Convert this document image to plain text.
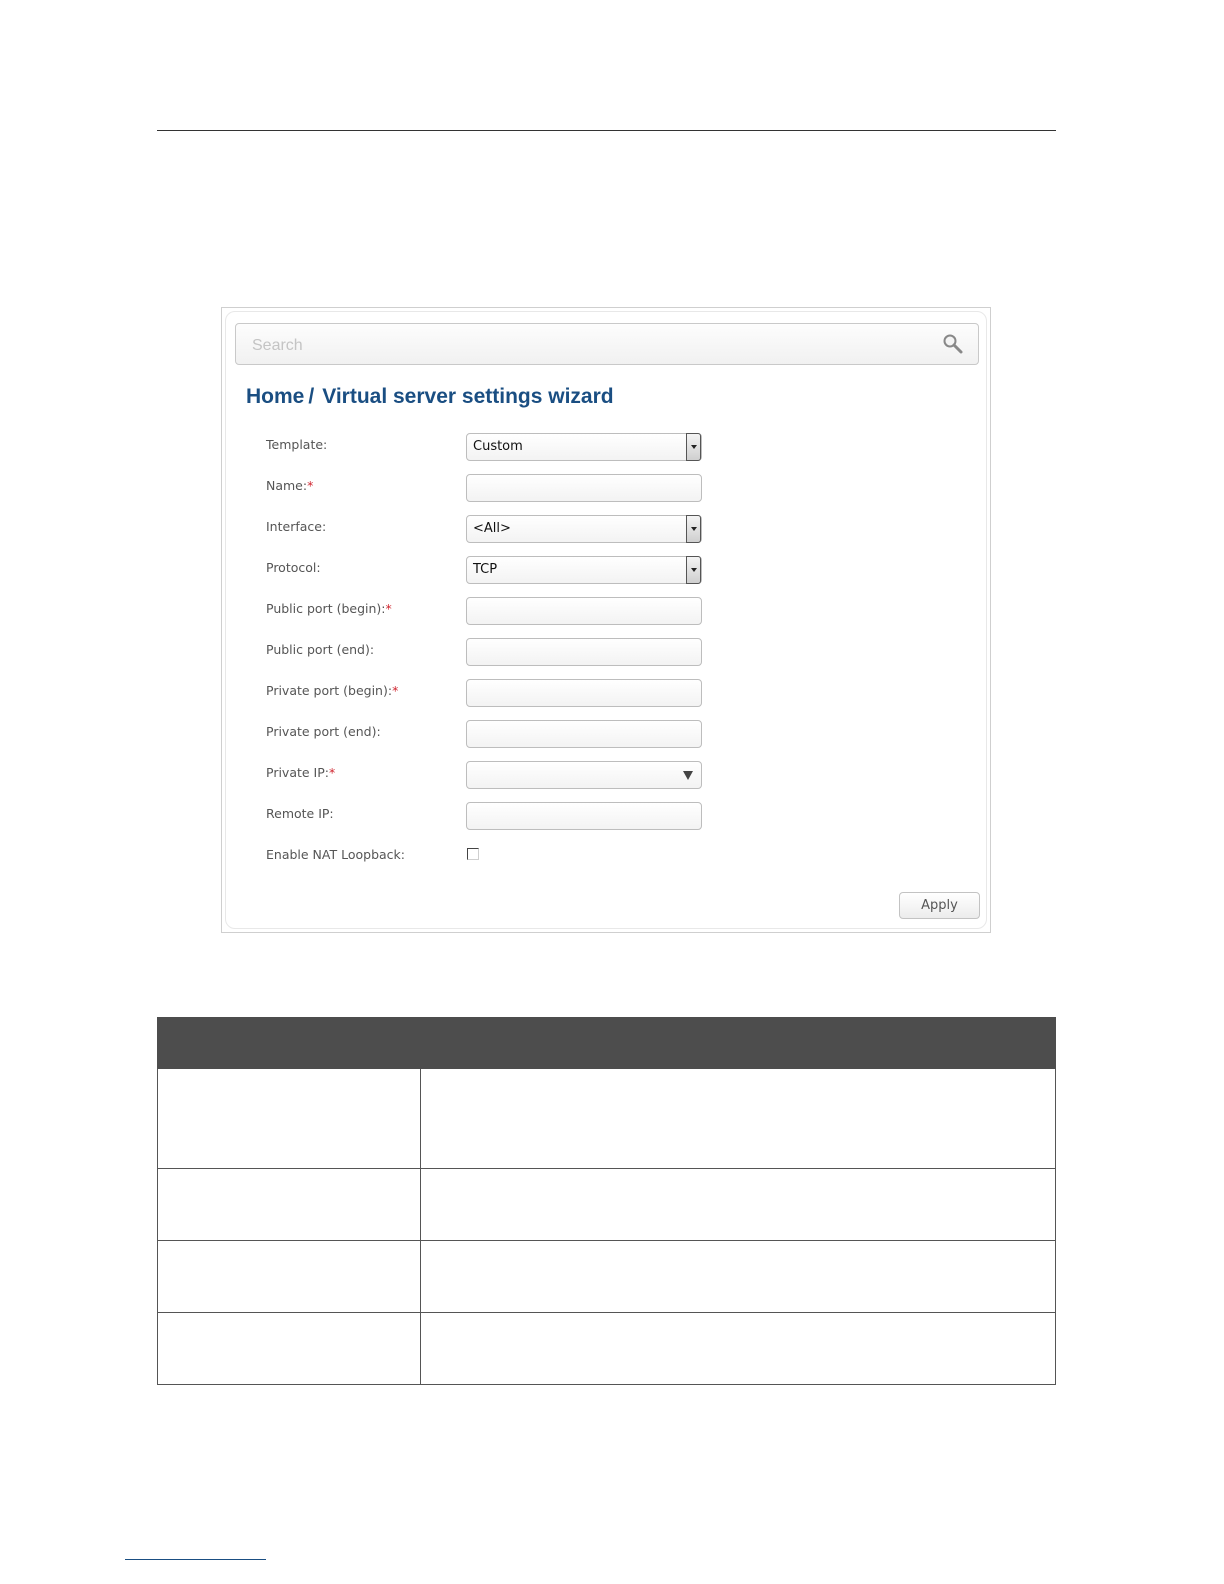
Search
Home / Virtual server settings wizard
Template:	Custom
Name:*
Interface:	<All>
Protocol:	TCP
Public port (begin):*
Public port (end):
Private port (begin):*
Private port (end):
Private IP:*
Remote IP:
Enable NAT Loopback:
Apply
